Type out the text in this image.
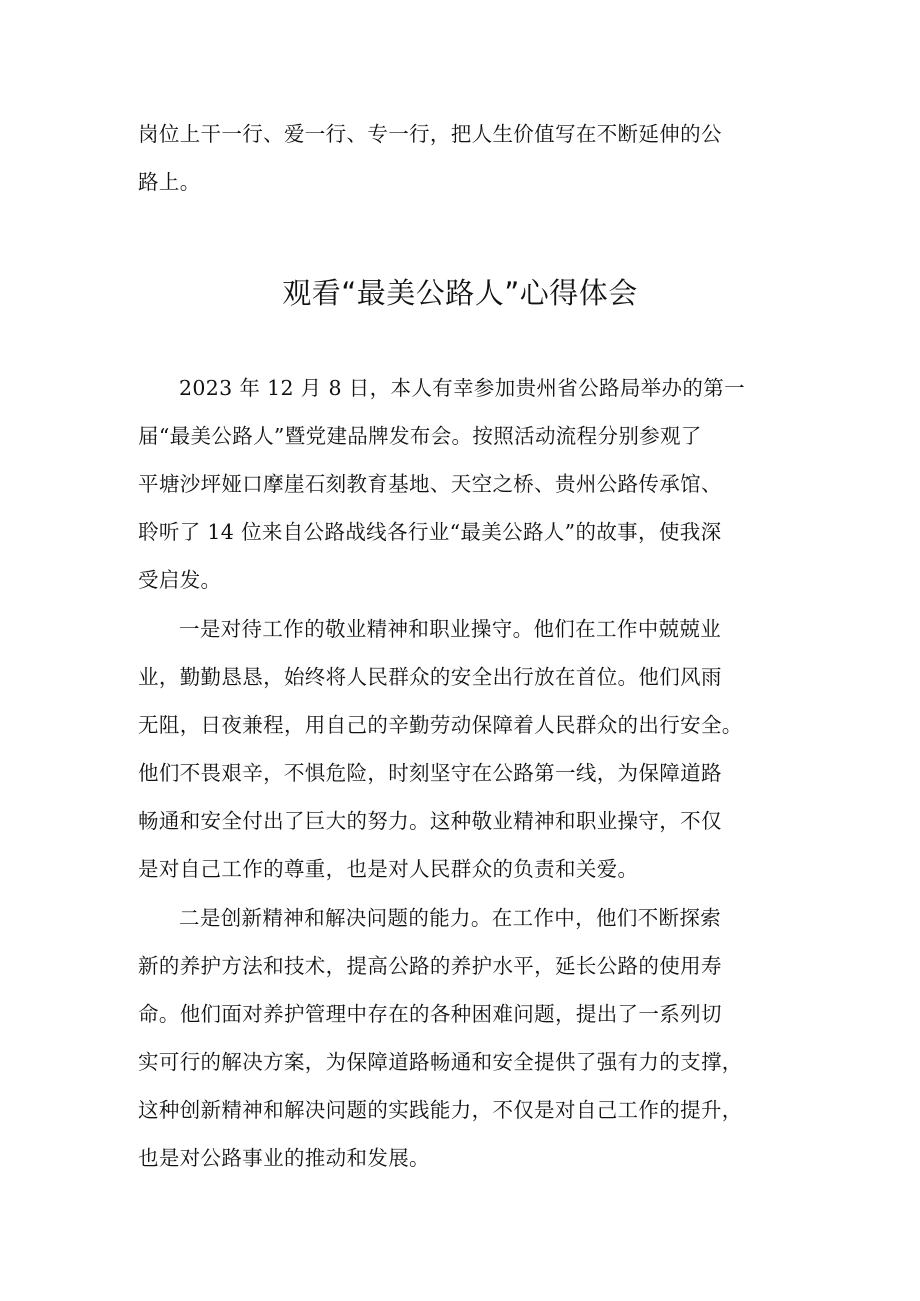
岗位上干一行、爱一行、专一行，把人生价值写在不断延伸的公
路上。
观看“最美公路人”心得体会
2023 年 12 月 8 日，本人有幸参加贵州省公路局举办的第一
届“最美公路人”暨党建品牌发布会。按照活动流程分别参观了
平塘沙坪娅口摩崖石刻教育基地、天空之桥、贵州公路传承馆、
聆听了 14 位来自公路战线各行业“最美公路人”的故事，使我深
受启发。
一是对待工作的敬业精神和职业操守。他们在工作中兢兢业
业，勤勤恳恳，始终将人民群众的安全出行放在首位。他们风雨
无阻，日夜兼程，用自己的辛勤劳动保障着人民群众的出行安全。
他们不畏艰辛，不惧危险，时刻坚守在公路第一线，为保障道路
畅通和安全付出了巨大的努力。这种敬业精神和职业操守，不仅
是对自己工作的尊重，也是对人民群众的负责和关爱。
二是创新精神和解决问题的能力。在工作中，他们不断探索
新的养护方法和技术，提高公路的养护水平，延长公路的使用寿
命。他们面对养护管理中存在的各种困难问题，提出了一系列切
实可行的解决方案，为保障道路畅通和安全提供了强有力的支撑，
这种创新精神和解决问题的实践能力，不仅是对自己工作的提升，
也是对公路事业的推动和发展。
